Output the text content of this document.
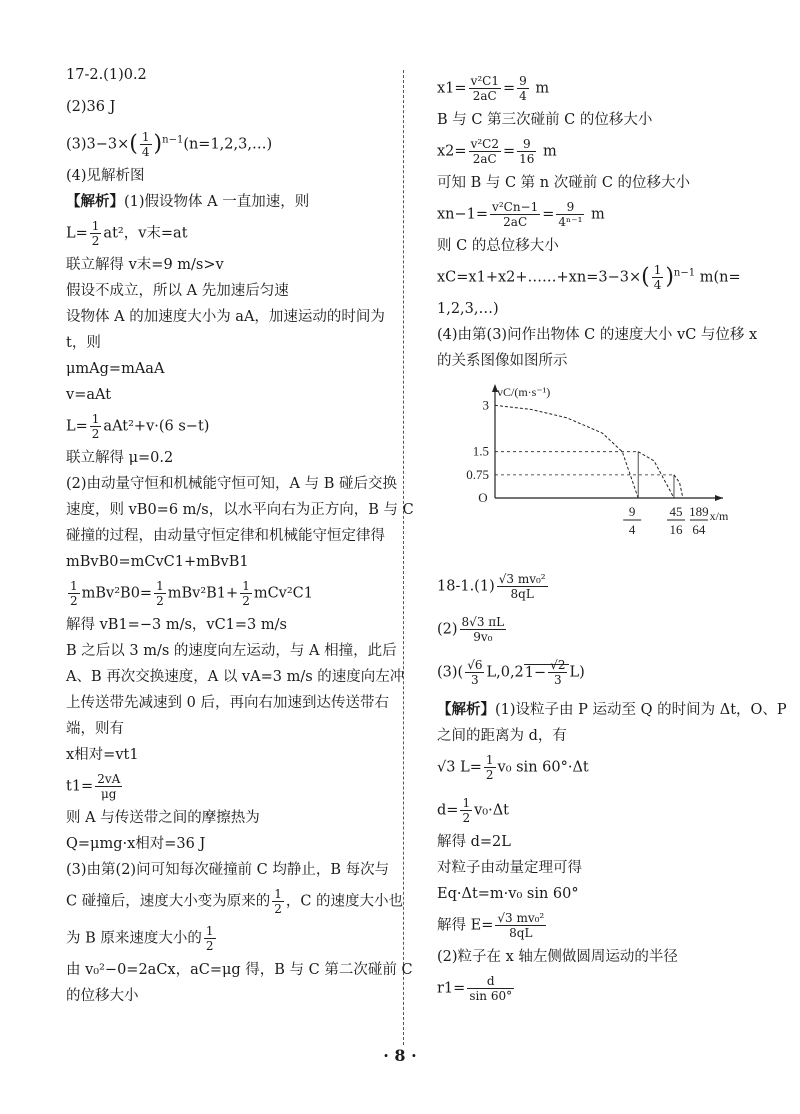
17-2.(1)0.2

(2)36 J

$(3)3-3\times( \frac{1}{4}$ )$^{n-1}(n=1,2,3,\dots)$

(4)见解析图

【解析】(1)假设物体 A 一直加速，则

$L= \frac{1}{2} at^2$，v末=at

联立解得 v末=9 m/s>v

假设不成立，所以 A 先加速后匀速

设物体 A 的加速度大小为 aA，加速运动的时间为

t，则

μmAg=mAaA

v=aAt

$L= \frac{1}{2} aAt^2+v\cdot(6$ s−t)

联立解得 μ=0.2

(2)由动量守恒和机械能守恒可知，A 与 B 碰后交换

速度，则 vB0=6 m/s，以水平向右为正方向，B 与 C

碰撞的过程，由动量守恒定律和机械能守恒定律得

mBvB0=mCvC1+mBvB1

$\frac{1}{2} mBv^2B0= \frac{1}{2} mBv^2B1+ \frac{1}{2} mCv^2C1$

解得 vB1=−3 m/s，vC1=3 m/s

B 之后以 3 m/s 的速度向左运动，与 A 相撞，此后

A、B 再次交换速度，A 以 vA=3 m/s 的速度向左冲

上传送带先减速到 0 后，再向右加速到达传送带右

端，则有

x相对=vt1

$t1= \frac{2vA}{\mu g}$

则 A 与传送带之间的摩擦热为

Q=μmg·x相对=36 J

(3)由第(2)问可知每次碰撞前 C 均静止，B 每次与

C 碰撞后，速度大小变为原来的 $\frac{1}{2}$ ，C 的速度大小也

为 B 原来速度大小的 $\frac{1}{2}$

由 v₀²−0=2aCx，aC=μg 得，B 与 C 第二次碰前 C

的位移大小

$x1= \frac{\text{v²C1}}{2aC} = \frac{9}{4}$ m

B 与 C 第三次碰前 C 的位移大小

$x2= \frac{\text{v²C2}}{2aC} = \frac{9}{16}$ m

可知 B 与 C 第 n 次碰前 C 的位移大小

$xn-1= \frac{\text{v²Cn−1}}{2aC} = \frac{9}{\text{4ⁿ⁻¹}}$ m

则 C 的总位移大小

xC=x1+x2+……+xn=3−3×( $\frac{1}{4} )^{n-1}$ m(n=

1,2,3,…)

(4)由第(3)问作出物体 C 的速度大小 vC 与位移 x

的关系图像如图所示

vC/(m·s⁻¹)
x/m
O
3
1.5
0.75
9
4
45
16
189
64

$18-1.(1) \frac{\text{√3 mv₀²}}{8qL}$

$(2) \frac{8√3 \pi L}{\text{9v₀}}$

$(3)( \frac{√6}{3} L,0,21- \frac{√2}{3} L)$

【解析】(1)设粒子由 P 运动至 Q 的时间为 Δt，O、P

之间的距离为 d，有

√3 $L= \frac{1}{2} v_0$ sin 60°·Δt

$d= \frac{1}{2} v_0\cdot\Delta t$

解得 d=2L

对粒子由动量定理可得

Eq·Δt=m·v₀ sin 60°

解得 $E= \frac{\text{√3 mv₀²}}{8qL}$

(2)粒子在 x 轴左侧做圆周运动的半径

$r1= \frac{d}{\sin 60^\circ}$

· 8 ·
